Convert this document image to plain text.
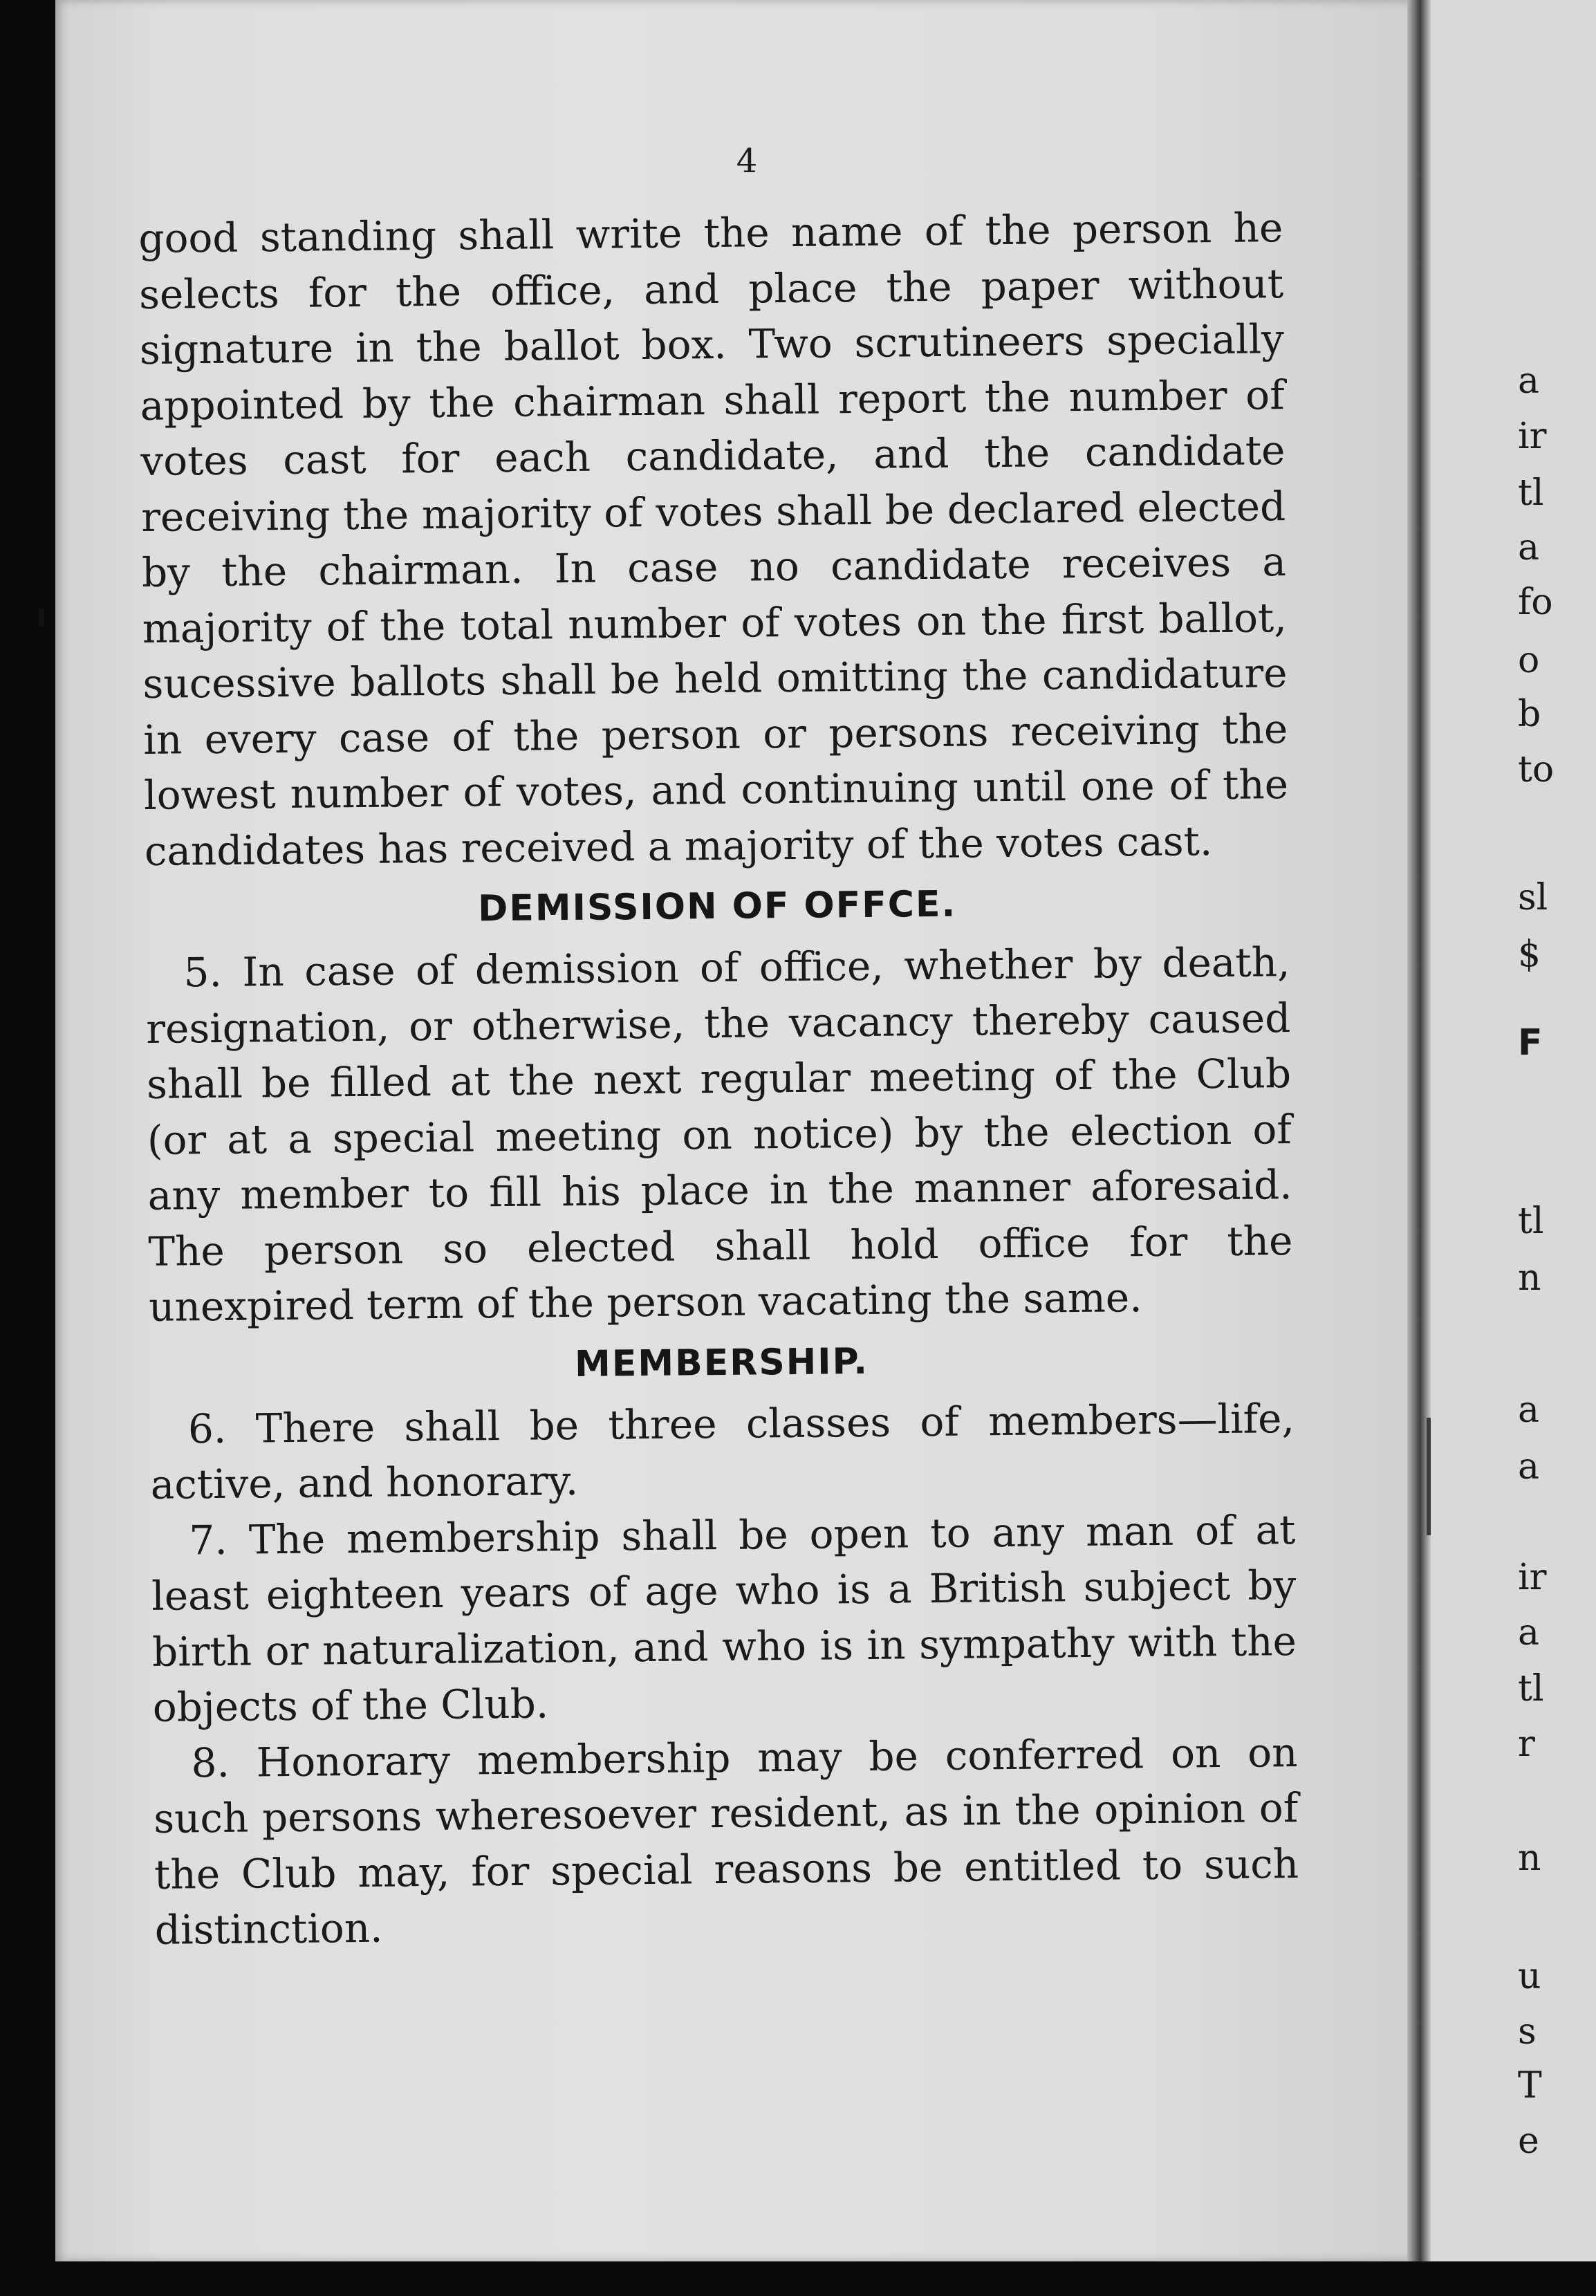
4

good standing shall write the name of the person he selects for the office, and place the paper without signature in the ballot box. Two scrutineers specially appointed by the chairman shall report the number of votes cast for each candidate, and the candidate receiving the majority of votes shall be declared elected by the chairman. In case no candidate receives a majority of the total number of votes on the first ballot, sucessive ballots shall be held omitting the candidature in every case of the person or persons receiving the lowest number of votes, and continuing until one of the candidates has received a majority of the votes cast.

DEMISSION OF OFFCE.

5. In case of demission of office, whether by death, resignation, or otherwise, the vacancy thereby caused shall be filled at the next regular meeting of the Club (or at a special meeting on notice) by the election of any member to fill his place in the manner aforesaid. The person so elected shall hold office for the unexpired term of the person vacating the same.

MEMBERSHIP.

6. There shall be three classes of members—life, active, and honorary.

7. The membership shall be open to any man of at least eighteen years of age who is a British subject by birth or naturalization, and who is in sympathy with the objects of the Club.

8. Honorary membership may be conferred on on such persons wheresoever resident, as in the opinion of the Club may, for special reasons be entitled to such distinction.

a
ir
tl
a
fo
o
b
to
sl
$
F
tl
n
a
a
ir
a
tl
r
n
u
s
T
e
